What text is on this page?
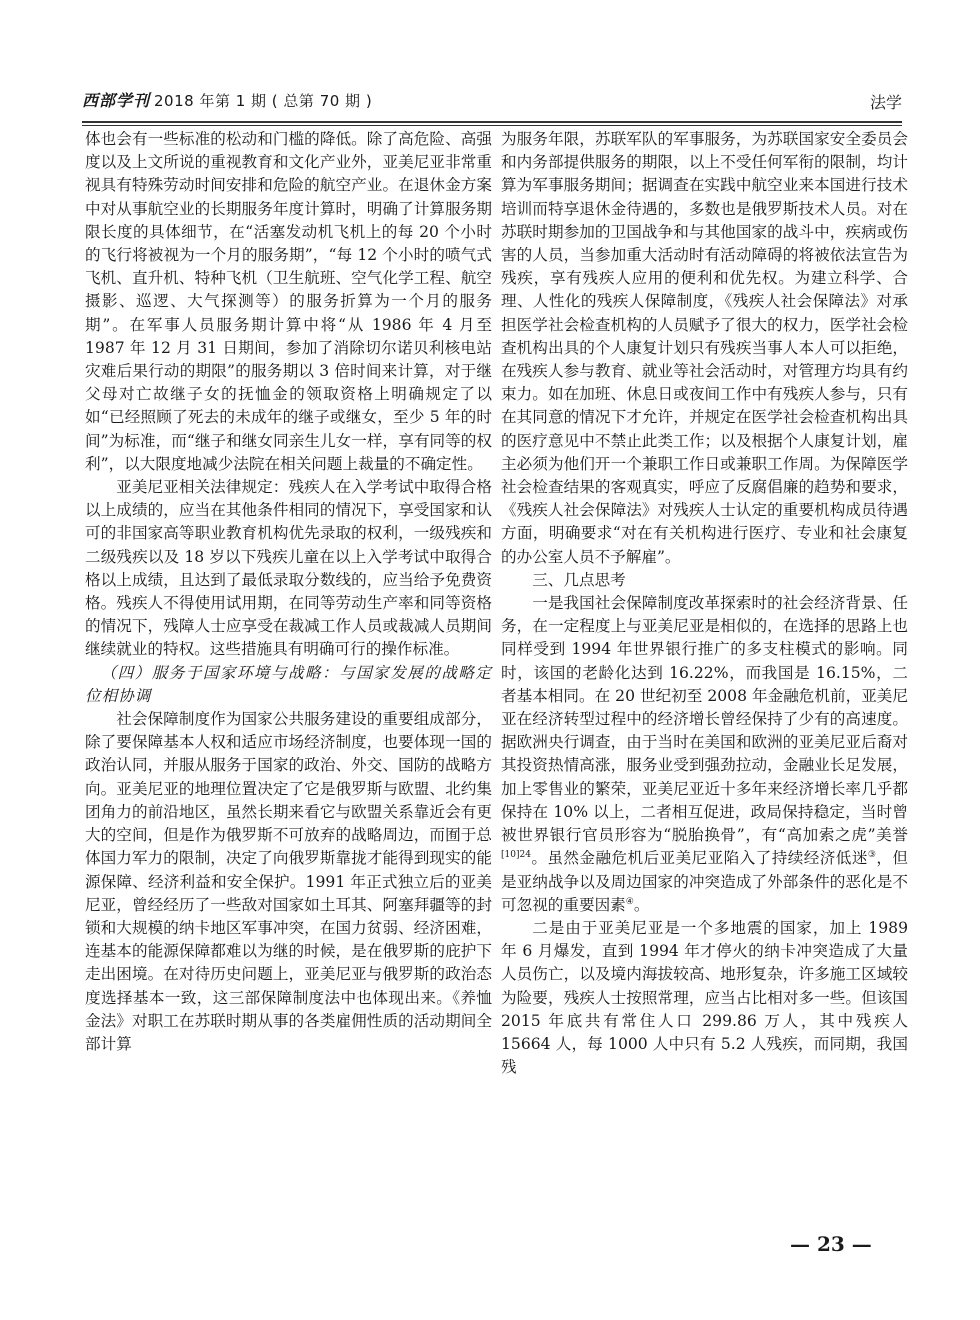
西部学刊 2018 年第 1 期 ( 总第 70 期 )	法学

体也会有一些标准的松动和门槛的降低。除了高危险、高强度以及上文所说的重视教育和文化产业外，亚美尼亚非常重视具有特殊劳动时间安排和危险的航空产业。在退休金方案中对从事航空业的长期服务年度计算时，明确了计算服务期限长度的具体细节，在“活塞发动机飞机上的每 20 个小时的飞行将被视为一个月的服务期”，“每 12 个小时的喷气式飞机、直升机、特种飞机（卫生航班、空气化学工程、航空摄影、巡逻、大气探测等）的服务折算为一个月的服务期”。在军事人员服务期计算中将“从 1986 年 4 月至 1987 年 12 月 31 日期间，参加了消除切尔诺贝利核电站灾难后果行动的期限”的服务期以 3 倍时间来计算，对于继父母对亡故继子女的抚恤金的领取资格上明确规定了以如“已经照顾了死去的未成年的继子或继女，至少 5 年的时间”为标准，而“继子和继女同亲生儿女一样，享有同等的权利”，以大限度地减少法院在相关问题上裁量的不确定性。

亚美尼亚相关法律规定：残疾人在入学考试中取得合格以上成绩的，应当在其他条件相同的情况下，享受国家和认可的非国家高等职业教育机构优先录取的权利，一级残疾和二级残疾以及 18 岁以下残疾儿童在以上入学考试中取得合格以上成绩，且达到了最低录取分数线的，应当给予免费资格。残疾人不得使用试用期，在同等劳动生产率和同等资格的情况下，残障人士应享受在裁减工作人员或裁减人员期间继续就业的特权。这些措施具有明确可行的操作标准。

（四）服务于国家环境与战略：与国家发展的战略定位相协调

社会保障制度作为国家公共服务建设的重要组成部分，除了要保障基本人权和适应市场经济制度，也要体现一国的政治认同，并服从服务于国家的政治、外交、国防的战略方向。亚美尼亚的地理位置决定了它是俄罗斯与欧盟、北约集团角力的前沿地区，虽然长期来看它与欧盟关系靠近会有更大的空间，但是作为俄罗斯不可放弃的战略周边，而囿于总体国力军力的限制，决定了向俄罗斯靠拢才能得到现实的能源保障、经济利益和安全保护。1991 年正式独立后的亚美尼亚，曾经经历了一些敌对国家如土耳其、阿塞拜疆等的封锁和大规模的纳卡地区军事冲突，在国力贫弱、经济困难，连基本的能源保障都难以为继的时候，是在俄罗斯的庇护下走出困境。在对待历史问题上，亚美尼亚与俄罗斯的政治态度选择基本一致，这三部保障制度法中也体现出来。《养恤金法》对职工在苏联时期从事的各类雇佣性质的活动期间全部计算

为服务年限，苏联军队的军事服务，为苏联国家安全委员会和内务部提供服务的期限，以上不受任何军衔的限制，均计算为军事服务期间；据调查在实践中航空业来本国进行技术培训而特享退休金待遇的，多数也是俄罗斯技术人员。对在苏联时期参加的卫国战争和与其他国家的战斗中，疾病或伤害的人员，当参加重大活动时有活动障碍的将被依法宣告为残疾，享有残疾人应用的便利和优先权。为建立科学、合理、人性化的残疾人保障制度，《残疾人社会保障法》对承担医学社会检查机构的人员赋予了很大的权力，医学社会检查机构出具的个人康复计划只有残疾当事人本人可以拒绝，在残疾人参与教育、就业等社会活动时，对管理方均具有约束力。如在加班、休息日或夜间工作中有残疾人参与，只有在其同意的情况下才允许，并规定在医学社会检查机构出具的医疗意见中不禁止此类工作；以及根据个人康复计划，雇主必须为他们开一个兼职工作日或兼职工作周。为保障医学社会检查结果的客观真实，呼应了反腐倡廉的趋势和要求，《残疾人社会保障法》对残疾人士认定的重要机构成员待遇方面，明确要求“对在有关机构进行医疗、专业和社会康复的办公室人员不予解雇”。

三、几点思考

一是我国社会保障制度改革探索时的社会经济背景、任务，在一定程度上与亚美尼亚是相似的，在选择的思路上也同样受到 1994 年世界银行推广的多支柱模式的影响。同时，该国的老龄化达到 16.22%，而我国是 16.15%，二者基本相同。在 20 世纪初至 2008 年金融危机前，亚美尼亚在经济转型过程中的经济增长曾经保持了少有的高速度。据欧洲央行调查，由于当时在美国和欧洲的亚美尼亚后裔对其投资热情高涨，服务业受到强劲拉动，金融业长足发展，加上零售业的繁荣，亚美尼亚近十多年来经济增长率几乎都保持在 10% 以上，二者相互促进，政局保持稳定，当时曾被世界银行官员形容为“脱胎换骨”，有“高加索之虎”美誉$^{[10]24}$。虽然金融危机后亚美尼亚陷入了持续经济低迷③，但是亚纳战争以及周边国家的冲突造成了外部条件的恶化是不可忽视的重要因素④。

二是由于亚美尼亚是一个多地震的国家，加上 1989 年 6 月爆发，直到 1994 年才停火的纳卡冲突造成了大量人员伤亡，以及境内海拔较高、地形复杂，许多施工区域较为险要，残疾人士按照常理，应当占比相对多一些。但该国 2015 年底共有常住人口 299.86 万人，其中残疾人 15664 人，每 1000 人中只有 5.2 人残疾，而同期，我国残

— 23 —
